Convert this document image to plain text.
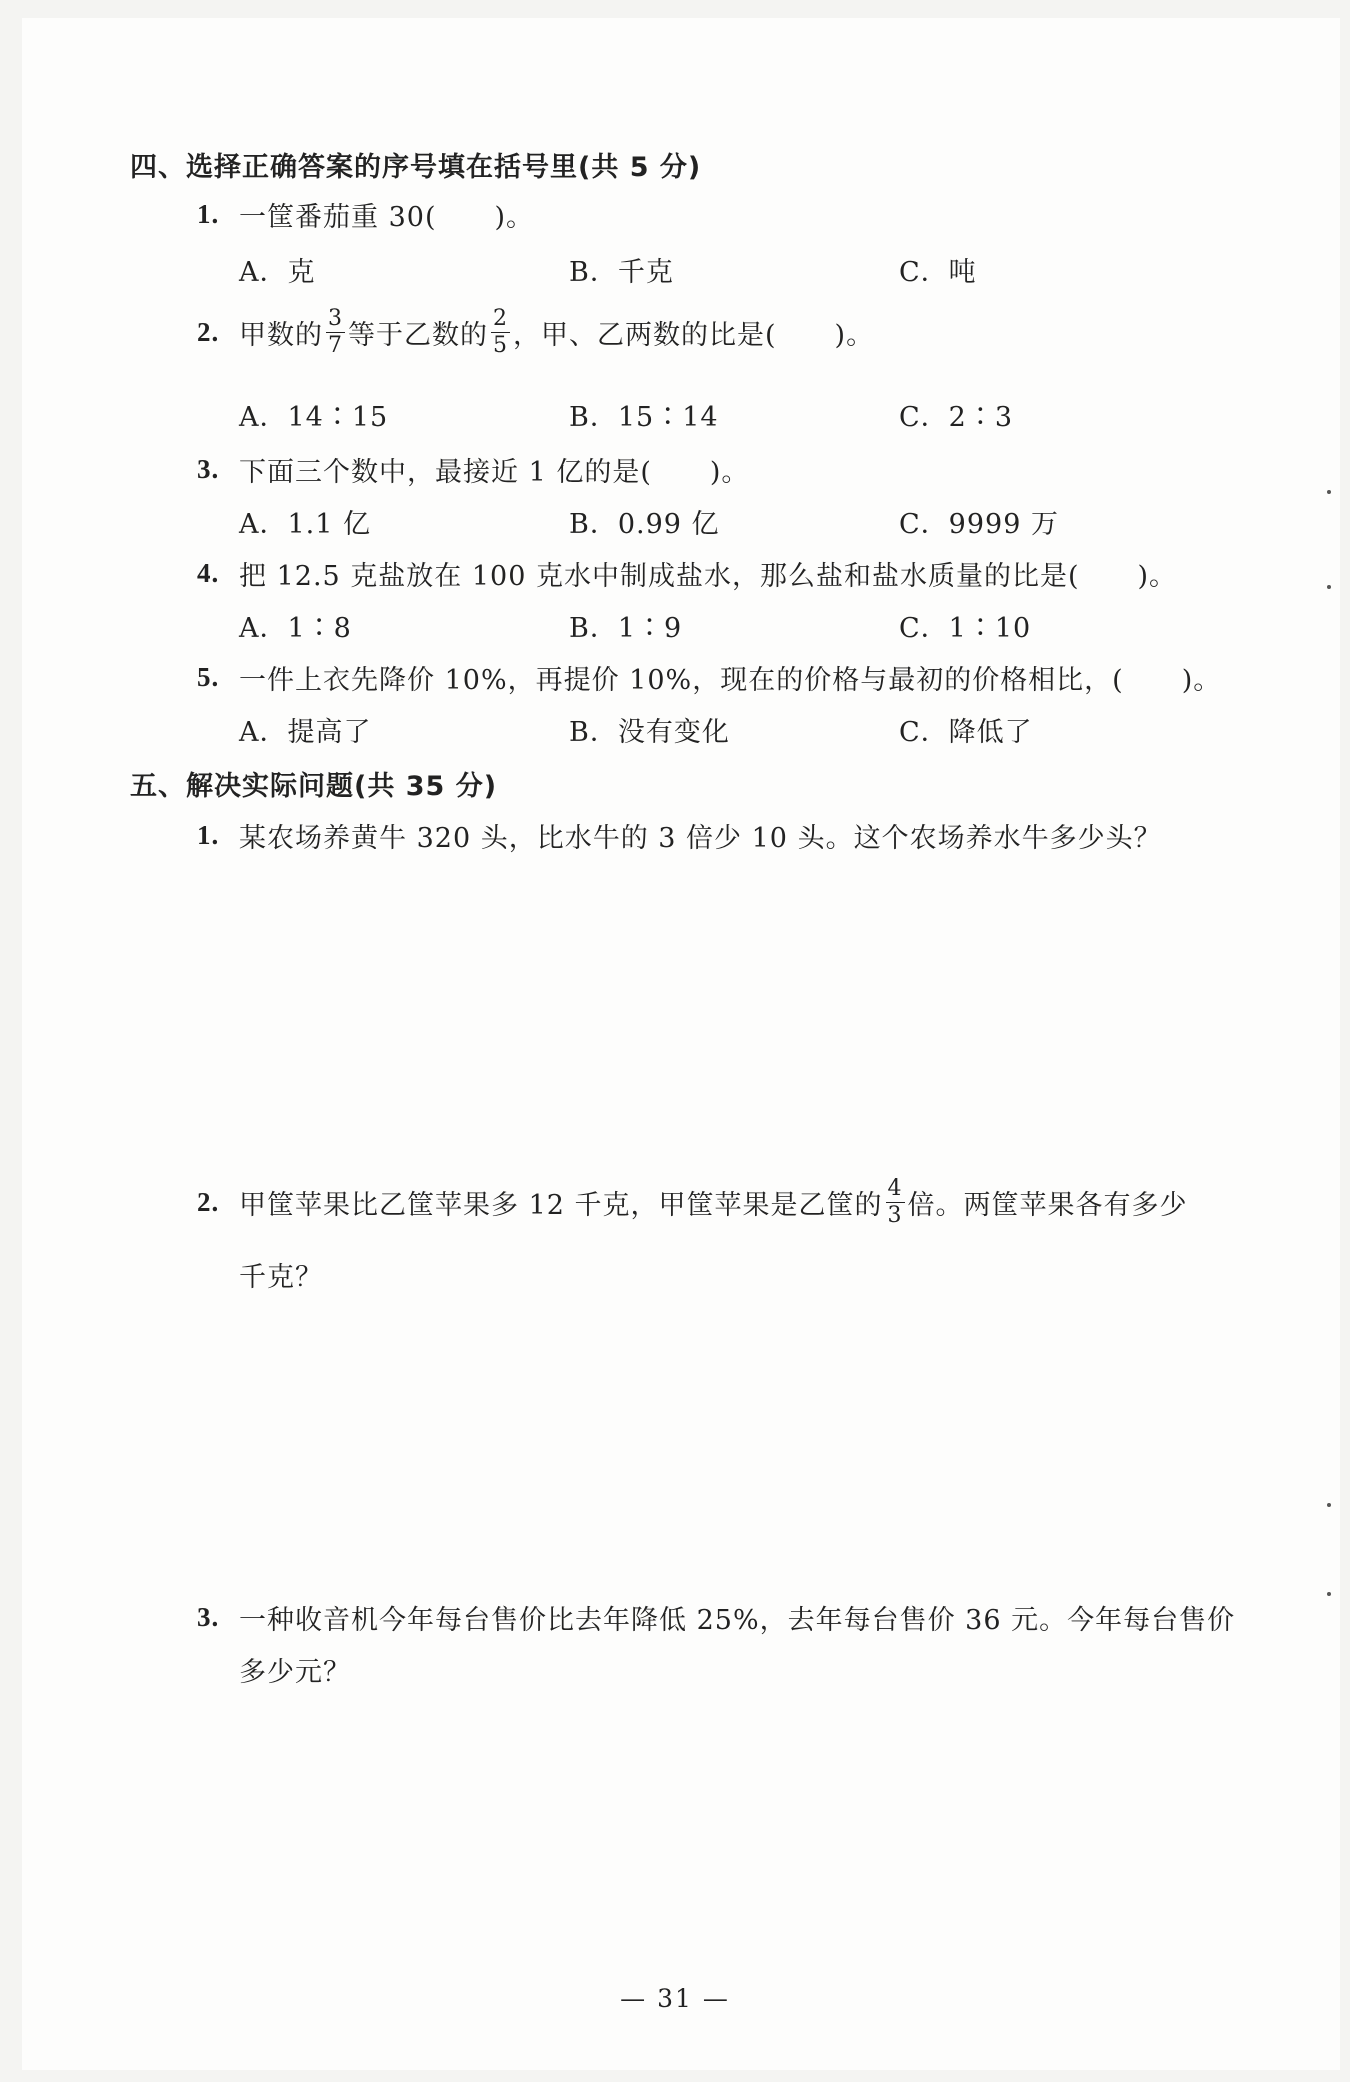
四、选择正确答案的序号填在括号里(共 5 分)
1. 一筐番茄重 30( )。
A．克	B．千克	C．吨
2. 甲数的 $\frac{3}{7}$ 等于乙数的 $\frac{2}{5}$ ，甲、乙两数的比是( )。
A．14∶15	B．15∶14	C．2∶3
3. 下面三个数中，最接近 1 亿的是( )。
A．1.1 亿	B．0.99 亿	C．9999 万
4. 把 12.5 克盐放在 100 克水中制成盐水，那么盐和盐水质量的比是( )。
A．1∶8	B．1∶9	C．1∶10
5. 一件上衣先降价 10%，再提价 10%，现在的价格与最初的价格相比，( )。
A．提高了	B．没有变化	C．降低了
五、解决实际问题(共 35 分)
1. 某农场养黄牛 320 头，比水牛的 3 倍少 10 头。这个农场养水牛多少头？
2. 甲筐苹果比乙筐苹果多 12 千克，甲筐苹果是乙筐的 $\frac{4}{3}$ 倍。两筐苹果各有多少
千克？
3. 一种收音机今年每台售价比去年降低 25%，去年每台售价 36 元。今年每台售价
多少元？
— 31 —
